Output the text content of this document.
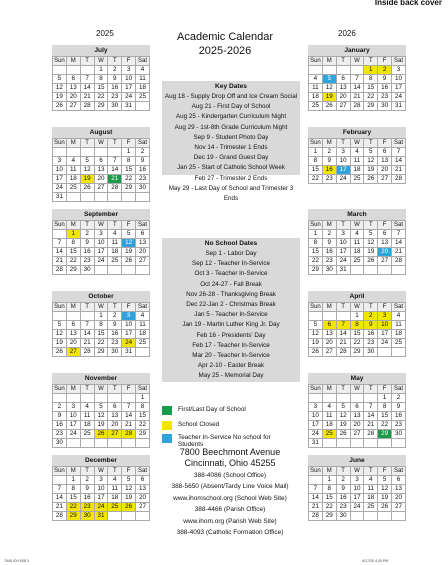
Inside back cover
2025	2026
Academic Calendar
2025-2026
July
Sun	M	T	W	T	F	Sat
			1	2	3	4
5	6	7	8	9	10	11
12	13	14	15	16	17	18
19	20	21	22	23	24	25
26	27	28	29	30	31	
August
Sun	M	T	W	T	F	Sat
					1	2
3	4	5	6	7	8	9
10	11	12	13	14	15	16
17	18	19	20	21	22	23
24	25	26	27	28	29	30
31						
September
Sun	M	T	W	T	F	Sat
	1	2	3	4	5	6
7	8	9	10	11	12	13
14	15	16	17	18	19	20
21	22	23	24	25	26	27
28	29	30				
October
Sun	M	T	W	T	F	Sat
			1	2	3	4
5	6	7	8	9	10	11
12	13	14	15	16	17	18
19	20	21	22	23	24	25
26	27	28	29	30	31	
November
Sun	M	T	W	T	F	Sat
						1
2	3	4	5	6	7	8
9	10	11	12	13	14	15
16	17	18	19	20	21	22
23	24	25	26	27	28	29
30						
December
Sun	M	T	W	T	F	Sat
	1	2	3	4	5	6
7	8	9	10	11	12	13
14	15	16	17	18	19	20
21	22	23	24	25	26	27
28	29	30	31			
January
Sun	M	T	W	T	F	Sat
				1	2	3
4	5	6	7	8	9	10
11	12	13	14	15	16	17
18	19	20	21	22	23	24
25	26	27	28	29	30	31
February
Sun	M	T	W	T	F	Sat
1	2	3	4	5	6	7
8	9	10	11	12	13	14
15	16	17	18	19	20	21
22	23	24	25	26	27	28
March
Sun	M	T	W	T	F	Sat
1	2	3	4	5	6	7
8	9	10	11	12	13	14
15	16	17	18	19	20	21
22	23	24	25	26	27	28
29	30	31				
April
Sun	M	T	W	T	F	Sat
			1	2	3	4
5	6	7	8	9	10	11
12	13	14	15	16	17	18
19	20	21	22	23	24	25
26	27	28	29	30		
May
Sun	M	T	W	T	F	Sat
					1	2
3	4	5	6	7	8	9
10	11	12	13	14	15	16
17	18	19	20	21	22	23
24	25	26	27	28	29	30
31						
June
Sun	M	T	W	T	F	Sat
	1	2	3	4	5	6
7	8	9	10	11	12	13
14	15	16	17	18	19	20
21	22	23	24	25	26	27
28	29	30				
Key Dates
Aug 18 - Supply Drop Off and Ice Cream Social
Aug 21 - First Day of School
Aug 25 - Kindergarten Curriculum Night
Aug 29 - 1st-8th Grade Curriculum Night
Sep 9 - Student Photo Day
Nov 14 - Trimester 1 Ends
Dec 19 - Grand Guest Day
Jan 25 - Start of Catholic School Week
Feb 27 - Trimester 2 Ends
May 29 - Last Day of School and Trimester 3 Ends
No School Dates
Sep 1 - Labor Day
Sep 12 - Teacher In-Service
Oct 3 - Teacher In-Service
Oct 24-27 - Fall Break
Nov 26-28 - Thanksgiving Break
Dec 22-Jan 2 - Christmas Break
Jan 5 - Teacher In-Service
Jan 19 - Martin Luther King Jr. Day
Feb 16 - Presidents' Day
Feb 17 - Teacher In-Service
Mar 20 - Teacher In-Service
Apr 2-10 - Easter Break
May 25 - Memorial Day
First/Last Day of School
School Closed
Teacher In-Service No school for Students
7800 Beechmont Avenue
Cincinnati, Ohio 45255
388-4086 (School Office)
388-5650 (Absent/Tardy Line Voice Mail)
www.ihomschool.org (School Web Site)
388-4466 (Parish Office)
www.ihom.org (Parish Web Site)
388-4093 (Catholic Formation Office)
7645 ICH.5X8 3	6/17/25 4:30 PM
